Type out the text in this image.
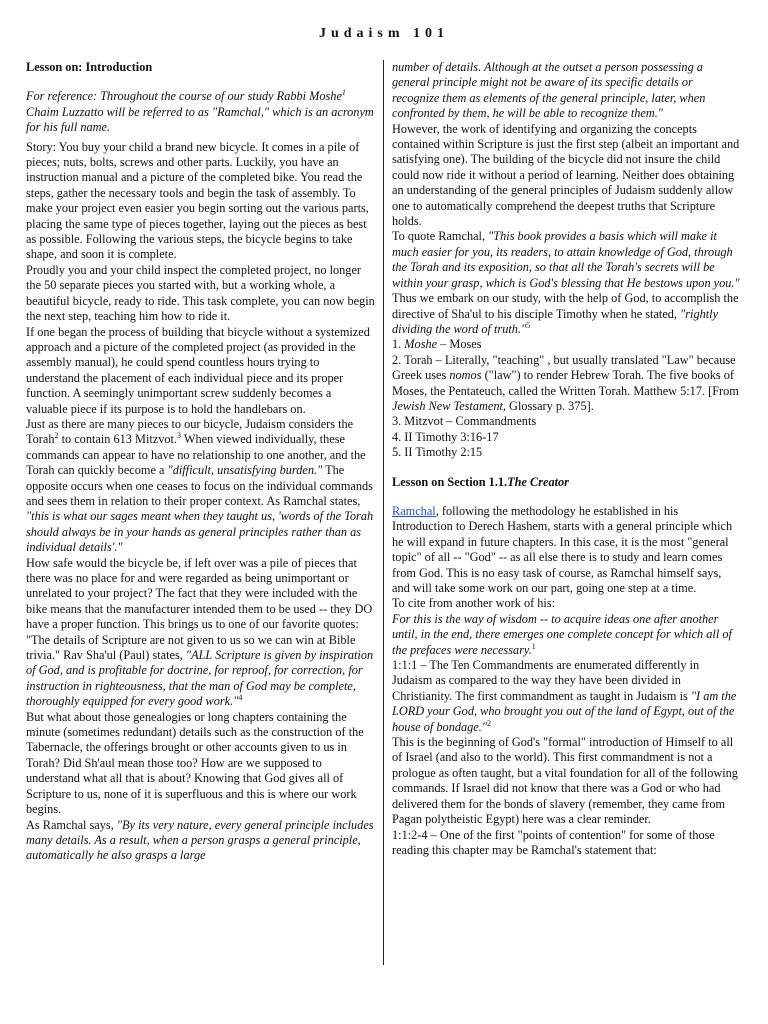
Judaism 101

Lesson on: Introduction

For reference: Throughout the course of our study Rabbi Moshe$^1$ Chaim Luzzatto will be referred to as "Ramchal," which is an acronym for his full name.

Story: You buy your child a brand new bicycle. It comes in a pile of pieces; nuts, bolts, screws and other parts. Luckily, you have an instruction manual and a picture of the completed bike. You read the steps, gather the necessary tools and begin the task of assembly. To make your project even easier you begin sorting out the various parts, placing the same type of pieces together, laying out the pieces as best as possible. Following the various steps, the bicycle begins to take shape, and soon it is complete.

Proudly you and your child inspect the completed project, no longer the 50 separate pieces you started with, but a working whole, a beautiful bicycle, ready to ride. This task complete, you can now begin the next step, teaching him how to ride it.

If one began the process of building that bicycle without a systemized approach and a picture of the completed project (as provided in the assembly manual), he could spend countless hours trying to understand the placement of each individual piece and its proper function. A seemingly unimportant screw suddenly becomes a valuable piece if its purpose is to hold the handlebars on.

Just as there are many pieces to our bicycle, Judaism considers the Torah$^2$ to contain 613 Mitzvot.$^3$ When viewed individually, these commands can appear to have no relationship to one another, and the Torah can quickly become a "difficult, unsatisfying burden." The opposite occurs when one ceases to focus on the individual commands and sees them in relation to their proper context. As Ramchal states, "this is what our sages meant when they taught us, 'words of the Torah should always be in your hands as general principles rather than as individual details'."

How safe would the bicycle be, if left over was a pile of pieces that there was no place for and were regarded as being unimportant or unrelated to your project? The fact that they were included with the bike means that the manufacturer intended them to be used -- they DO have a proper function. This brings us to one of our favorite quotes: "The details of Scripture are not given to us so we can win at Bible trivia." Rav Sha'ul (Paul) states, "ALL Scripture is given by inspiration of God, and is profitable for doctrine, for reproof, for correction, for instruction in righteousness, that the man of God may be complete, thoroughly equipped for every good work."$^4$

But what about those genealogies or long chapters containing the minute (sometimes redundant) details such as the construction of the Tabernacle, the offerings brought or other accounts given to us in Torah? Did Sh'aul mean those too? How are we supposed to understand what all that is about? Knowing that God gives all of Scripture to us, none of it is superfluous and this is where our work begins.

As Ramchal says, "By its very nature, every general principle includes many details. As a result, when a person grasps a general principle, automatically he also grasps a large

number of details. Although at the outset a person possessing a general principle might not be aware of its specific details or recognize them as elements of the general principle, later, when confronted by them, he will be able to recognize them."

However, the work of identifying and organizing the concepts contained within Scripture is just the first step (albeit an important and satisfying one). The building of the bicycle did not insure the child could now ride it without a period of learning. Neither does obtaining an understanding of the general principles of Judaism suddenly allow one to automatically comprehend the deepest truths that Scripture holds.

To quote Ramchal, "This book provides a basis which will make it much easier for you, its readers, to attain knowledge of God, through the Torah and its exposition, so that all the Torah's secrets will be within your grasp, which is God's blessing that He bestows upon you."

Thus we embark on our study, with the help of God, to accomplish the directive of Sha'ul to his disciple Timothy when he stated, "rightly dividing the word of truth."$^5$

1. Moshe – Moses

2. Torah – Literally, "teaching" , but usually translated "Law" because Greek uses nomos ("law") to render Hebrew Torah. The five books of Moses, the Pentateuch, called the Written Torah. Matthew 5:17. [From Jewish New Testament, Glossary p. 375].

3. Mitzvot – Commandments

4. II Timothy 3:16-17

5. II Timothy 2:15

Lesson on Section 1.1.The Creator

Ramchal, following the methodology he established in his Introduction to Derech Hashem, starts with a general principle which he will expand in future chapters. In this case, it is the most "general topic" of all -- "God" -- as all else there is to study and learn comes from God. This is no easy task of course, as Ramchal himself says, and will take some work on our part, going one step at a time.

To cite from another work of his:

For this is the way of wisdom -- to acquire ideas one after another until, in the end, there emerges one complete concept for which all of the prefaces were necessary.$^1$

1:1:1 – The Ten Commandments are enumerated differently in Judaism as compared to the way they have been divided in Christianity. The first commandment as taught in Judaism is "I am the LORD your God, who brought you out of the land of Egypt, out of the house of bondage."$^2$

This is the beginning of God's "formal" introduction of Himself to all of Israel (and also to the world). This first commandment is not a prologue as often taught, but a vital foundation for all of the following commands. If Israel did not know that there was a God or who had delivered them for the bonds of slavery (remember, they came from Pagan polytheistic Egypt) here was a clear reminder.

1:1:2-4 – One of the first "points of contention" for some of those reading this chapter may be Ramchal's statement that:
